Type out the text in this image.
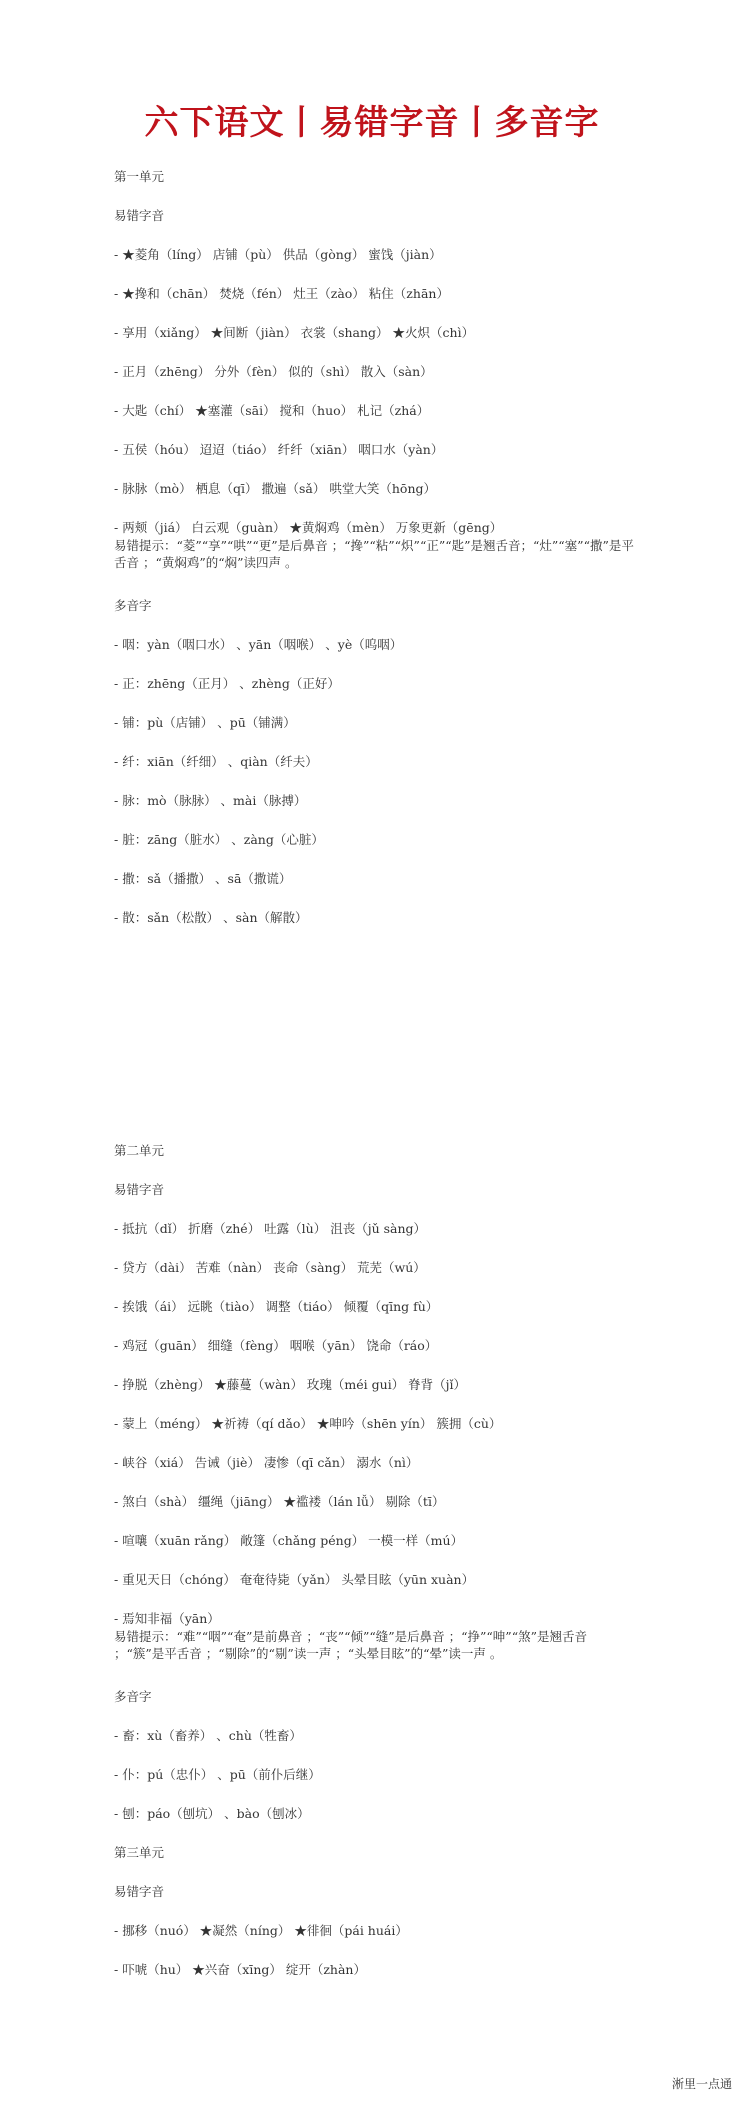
六下语文丨易错字音丨多音字
第一单元
易错字音
- ★菱角（líng） 店铺（pù） 供品（gòng） 蜜饯（jiàn）
- ★搀和（chān） 焚烧（fén） 灶王（zào） 粘住（zhān）
- 享用（xiǎng） ★间断（jiàn） 衣裳（shang） ★火炽（chì）
- 正月（zhēng） 分外（fèn） 似的（shì） 散入（sàn）
- 大匙（chí） ★塞灌（sāi） 搅和（huo） 札记（zhá）
- 五侯（hóu） 迢迢（tiáo） 纤纤（xiān） 咽口水（yàn）
- 脉脉（mò） 栖息（qī） 撒遍（sǎ） 哄堂大笑（hōng）
- 两颊（jiá） 白云观（guàn） ★黄焖鸡（mèn） 万象更新（gēng）
易错提示：“菱”“享”“哄”“更”是后鼻音 ；“搀”“粘”“炽”“正”“匙”是翘舌音；“灶”“塞”“撒”是平舌音 ；“黄焖鸡”的“焖”读四声 。
多音字
- 咽：yàn（咽口水） 、yān（咽喉） 、yè（呜咽）
- 正：zhēng（正月） 、zhèng（正好）
- 铺：pù（店铺） 、pū（铺满）
- 纤：xiān（纤细） 、qiàn（纤夫）
- 脉：mò（脉脉） 、mài（脉搏）
- 脏：zāng（脏水） 、zàng（心脏）
- 撒：sǎ（播撒） 、sā（撒谎）
- 散：sǎn（松散） 、sàn（解散）
第二单元
易错字音
- 抵抗（dǐ） 折磨（zhé） 吐露（lù） 沮丧（jǔ sàng）
- 贷方（dài） 苦难（nàn） 丧命（sàng） 荒芜（wú）
- 挨饿（ái） 远眺（tiào） 调整（tiáo） 倾覆（qīng fù）
- 鸡冠（guān） 细缝（fèng） 咽喉（yān） 饶命（ráo）
- 挣脱（zhèng） ★藤蔓（wàn） 玫瑰（méi gui） 脊背（jǐ）
- 蒙上（méng） ★祈祷（qí dǎo） ★呻吟（shēn yín） 簇拥（cù）
- 峡谷（xiá） 告诫（jiè） 凄惨（qī cǎn） 溺水（nì）
- 煞白（shà） 缰绳（jiāng） ★褴褛（lán lǚ） 剔除（tī）
- 喧嚷（xuān rǎng） 敞篷（chǎng péng） 一模一样（mú）
- 重见天日（chóng） 奄奄待毙（yǎn） 头晕目眩（yūn xuàn）
- 焉知非福（yān）
易错提示：“难”“咽”“奄”是前鼻音 ；“丧”“倾”“缝”是后鼻音 ；“挣”“呻”“煞”是翘舌音 ；“簇”是平舌音 ；“剔除”的“剔”读一声 ；“头晕目眩”的“晕”读一声 。
多音字
- 畜：xù（畜养） 、chù（牲畜）
- 仆：pú（忠仆） 、pū（前仆后继）
- 刨：páo（刨坑） 、bào（刨冰）
第三单元
易错字音
- 挪移（nuó） ★凝然（níng） ★徘徊（pái huái）
- 吓唬（hu） ★兴奋（xīng） 绽开（zhàn）
淅里一点通
